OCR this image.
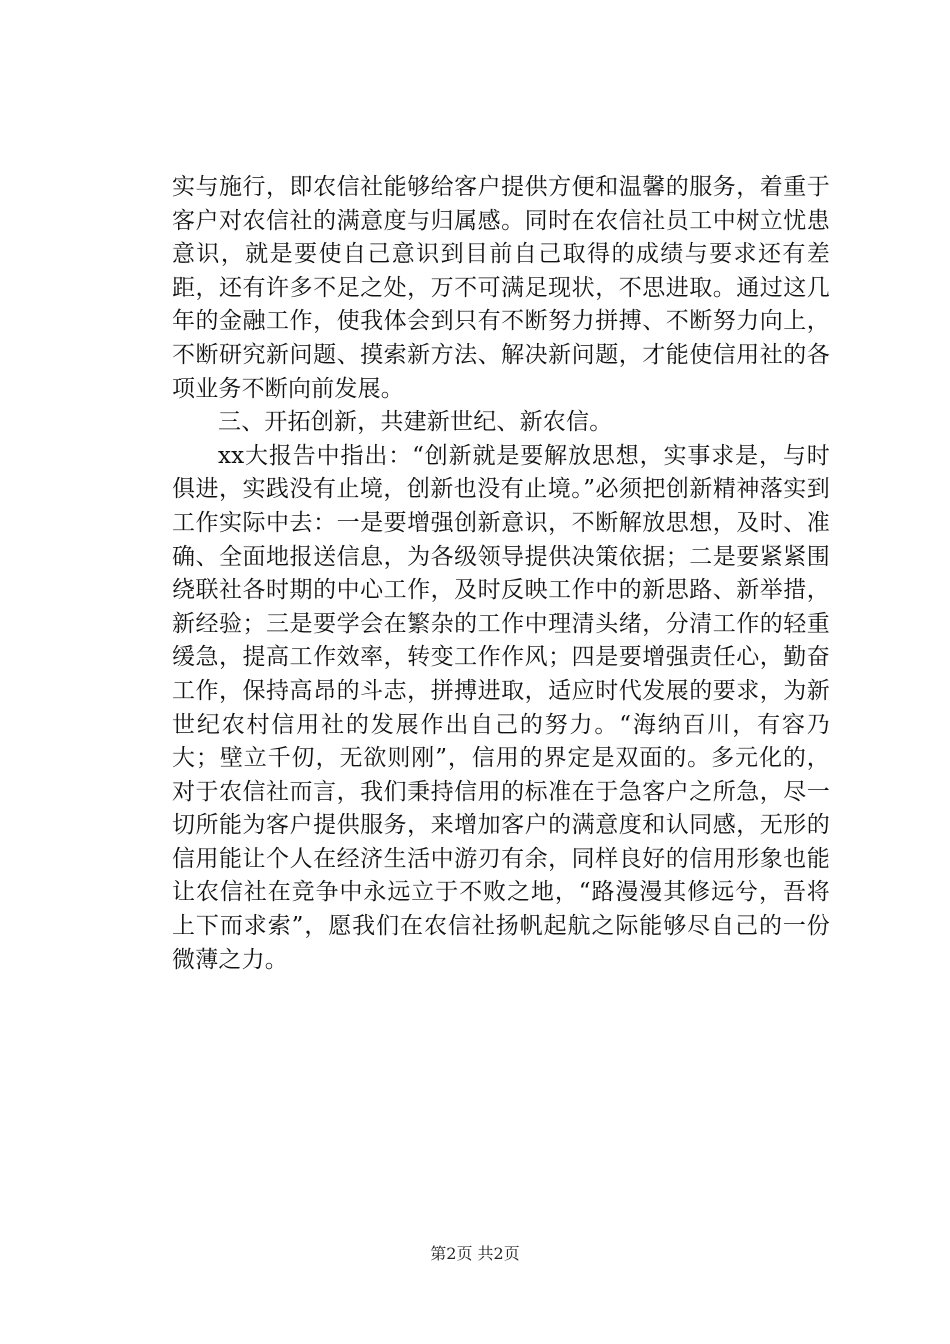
实与施行，即农信社能够给客户提供方便和温馨的服务，着重于客户对农信社的满意度与归属感。同时在农信社员工中树立忧患意识，就是要使自己意识到目前自己取得的成绩与要求还有差距，还有许多不足之处，万不可满足现状，不思进取。通过这几年的金融工作，使我体会到只有不断努力拼搏、不断努力向上，不断研究新问题、摸索新方法、解决新问题，才能使信用社的各项业务不断向前发展。

三、开拓创新，共建新世纪、新农信。

xx大报告中指出：“创新就是要解放思想，实事求是，与时俱进，实践没有止境，创新也没有止境。”必须把创新精神落实到工作实际中去：一是要增强创新意识，不断解放思想，及时、准确、全面地报送信息，为各级领导提供决策依据；二是要紧紧围绕联社各时期的中心工作，及时反映工作中的新思路、新举措，新经验；三是要学会在繁杂的工作中理清头绪，分清工作的轻重缓急，提高工作效率，转变工作作风；四是要增强责任心，勤奋工作，保持高昂的斗志，拼搏进取，适应时代发展的要求，为新世纪农村信用社的发展作出自己的努力。“海纳百川，有容乃大；壁立千仞，无欲则刚”，信用的界定是双面的。多元化的，对于农信社而言，我们秉持信用的标准在于急客户之所急，尽一切所能为客户提供服务，来增加客户的满意度和认同感，无形的信用能让个人在经济生活中游刃有余，同样良好的信用形象也能让农信社在竞争中永远立于不败之地，“路漫漫其修远兮，吾将上下而求索”，愿我们在农信社扬帆起航之际能够尽自己的一份微薄之力。

第2页 共2页
